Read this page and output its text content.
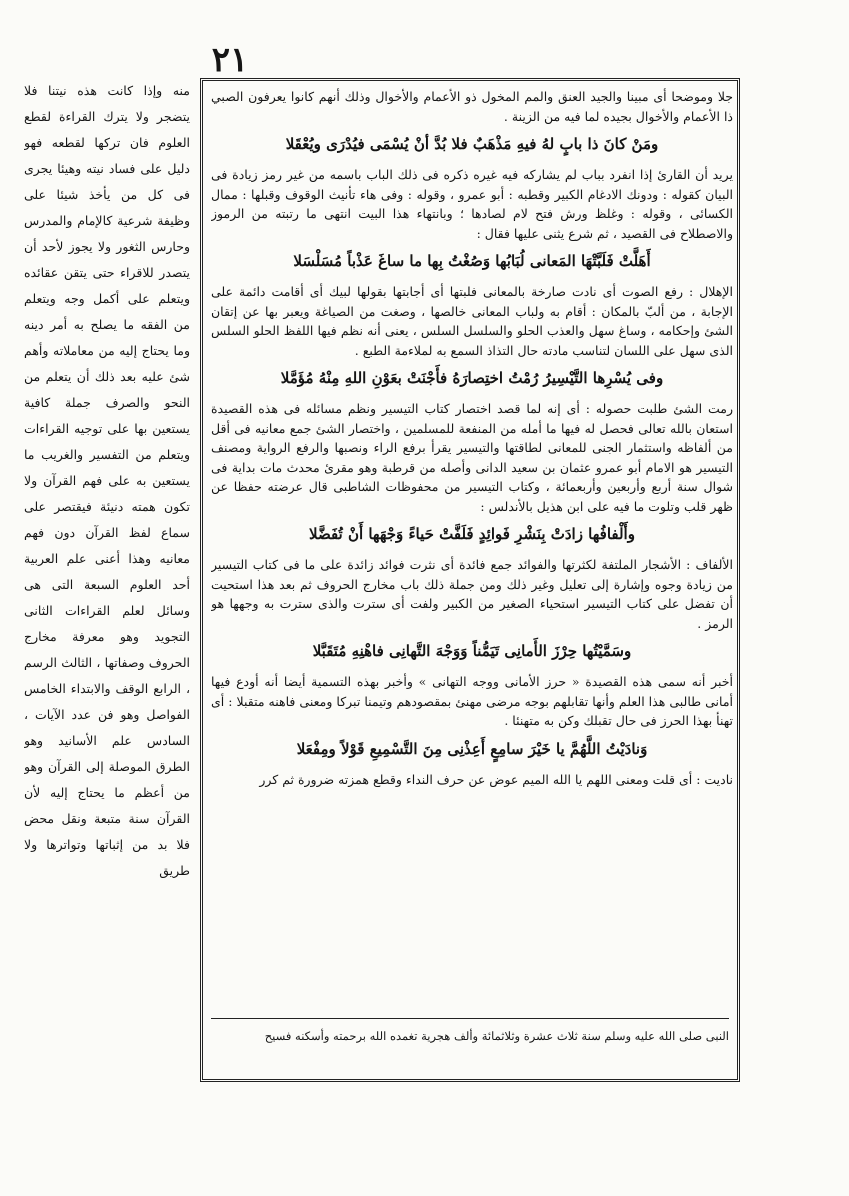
٢١

جلا وموضحا أى مبينا والجيد العنق والمم المخول ذو الأعمام والأخوال وذلك أنهم كانوا يعرفون الصبي ذا الأعمام والأخوال بجيده لما فيه من الزينة .

ومَنْ كانَ ذا بابٍ لهُ فيهِ مَذْهَبٌ فلا بُدَّ أنْ يُسْمَى فيُدْرَى ويُعْقَلا

يريد أن القارئ إذا انفرد بباب لم يشاركه فيه غيره ذكره فى ذلك الباب باسمه من غير رمز زيادة فى البيان كقوله : ودونك الادغام الكبير وقطبه : أبو عمرو ، وقوله : وفى هاء تأنيث الوقوف وقبلها : ممال الكسائى ، وقوله : وغلظ ورش فتح لام لصادها ؛ وبانتهاء هذا البيت انتهى ما رتبته من الرموز والاصطلاح فى القصيد ، ثم شرع يثنى عليها فقال :

أَهَلَّتْ فَلَبَّتْهَا المَعانى لُبَابُها وَصُغْتُ بِها ما ساغَ عَذْباً مُسَلْسَلا

الإهلال : رفع الصوت أى نادت صارخة بالمعانى فلبتها أى أجابتها بقولها لبيك أى أقامت دائمة على الإجابة ، من ألبّ بالمكان : أقام به ولباب المعانى خالصها ، وصغت من الصياغة ويعبر بها عن إتقان الشئ وإحكامه ، وساغ سهل والعذب الحلو والسلسل السلس ، يعنى أنه نظم فيها اللفظ الحلو السلس الذى سهل على اللسان لتناسب مادته حال التذاذ السمع به لملاءمة الطبع .

وفى يُسْرِها التَّيْسِيرُ رُمْتُ اختِصارَهُ فأَجْنَتْ بعَوْنِ اللهِ مِنْهُ مُؤَمَّلا

رمت الشئ طلبت حصوله : أى إنه لما قصد اختصار كتاب التيسير ونظم مسائله فى هذه القصيدة استعان بالله تعالى فحصل له فيها ما أمله من المنفعة للمسلمين ، واختصار الشئ جمع معانيه فى أقل من ألفاظه واستثمار الجنى للمعانى لطاقتها والتيسير يقرأ برفع الراء ونصبها والرفع الرواية ومصنف التيسير هو الامام أبو عمرو عثمان بن سعيد الدانى وأصله من قرطبة وهو مقرئ محدث مات بداية فى شوال سنة أربع وأربعين وأربعمائة ، وكتاب التيسير من محفوظات الشاطبى قال عرضته حفظا عن ظهر قلب وتلوت ما فيه على ابن هذيل بالأندلس :

وأَلْفافُها زادَتْ بِنَشْرِ فَوائِدٍ فَلَفَّتْ حَياءً وَجْهَها أَنْ تُفَضَّلا

الألفاف : الأشجار الملتفة لكثرتها والفوائد جمع فائدة أى نثرت فوائد زائدة على ما فى كتاب التيسير من زيادة وجوه وإشارة إلى تعليل وغير ذلك ومن جملة ذلك باب مخارج الحروف ثم بعد هذا استحيت أن تفضل على كتاب التيسير استحياء الصغير من الكبير ولفت أى سترت والذى سترت به وجهها هو الرمز .

وسَمَّيْتُها حِرْزَ الأَمانِى تَيَمُّناً وَوَجْهَ التَّهانِى فاهْنِهِ مُتَقَبَّلا

أخبر أنه سمى هذه القصيدة « حرز الأمانى ووجه التهانى » وأخبر بهذه التسمية أيضا أنه أودع فيها أمانى طالبى هذا العلم وأنها تقابلهم بوجه مرضى مهنئ بمقصودهم وتيمنا تبركا ومعنى فاهنه متقبلا : أى تهنأ بهذا الحرز فى حال تقبلك وكن به متهنئا .

وَنادَيْتُ اللَّهُمَّ يا خَيْرَ سامِعٍ أَعِذْنِى مِنَ التَّسْمِيعِ قَوْلاً ومِفْعَلا

ناديت : أى قلت ومعنى اللهم يا الله الميم عوض عن حرف النداء وقطع همزته ضرورة ثم كرر

النبى صلى الله عليه وسلم سنة ثلاث عشرة وثلاثمائة وألف هجرية تغمده الله برحمته وأسكنه فسيح
منه وإذا كانت هذه نيتنا فلا يتضجر ولا يترك القراءة لقطع العلوم فان تركها لقطعه فهو دليل على فساد نيته وهيئا يجرى فى كل من يأخذ شيئا على وظيفة شرعية كالإمام والمدرس وحارس الثغور ولا يجوز لأحد أن يتصدر للاقراء حتى يتقن عقائده ويتعلم على أكمل وجه ويتعلم من الفقه ما يصلح به أمر دينه وما يحتاج إليه من معاملاته وأهم شئ عليه بعد ذلك أن يتعلم من النحو والصرف جملة كافية يستعين بها على توجيه القراءات ويتعلم من التفسير والغريب ما يستعين به على فهم القرآن ولا تكون همته دنيئة فيقتصر على سماع لفظ القرآن دون فهم معانيه وهذا أعنى علم العربية أحد العلوم السبعة التى هى وسائل لعلم القراءات الثانى التجويد وهو معرفة مخارج الحروف وصفاتها ، الثالث الرسم ، الرابع الوقف والابتداء الخامس الفواصل وهو فن عدد الآيات ، السادس علم الأسانيد وهو الطرق الموصلة إلى القرآن وهو من أعظم ما يحتاج إليه لأن القرآن سنة متبعة ونقل محض فلا بد من إثباتها وتواترها ولا طريق
